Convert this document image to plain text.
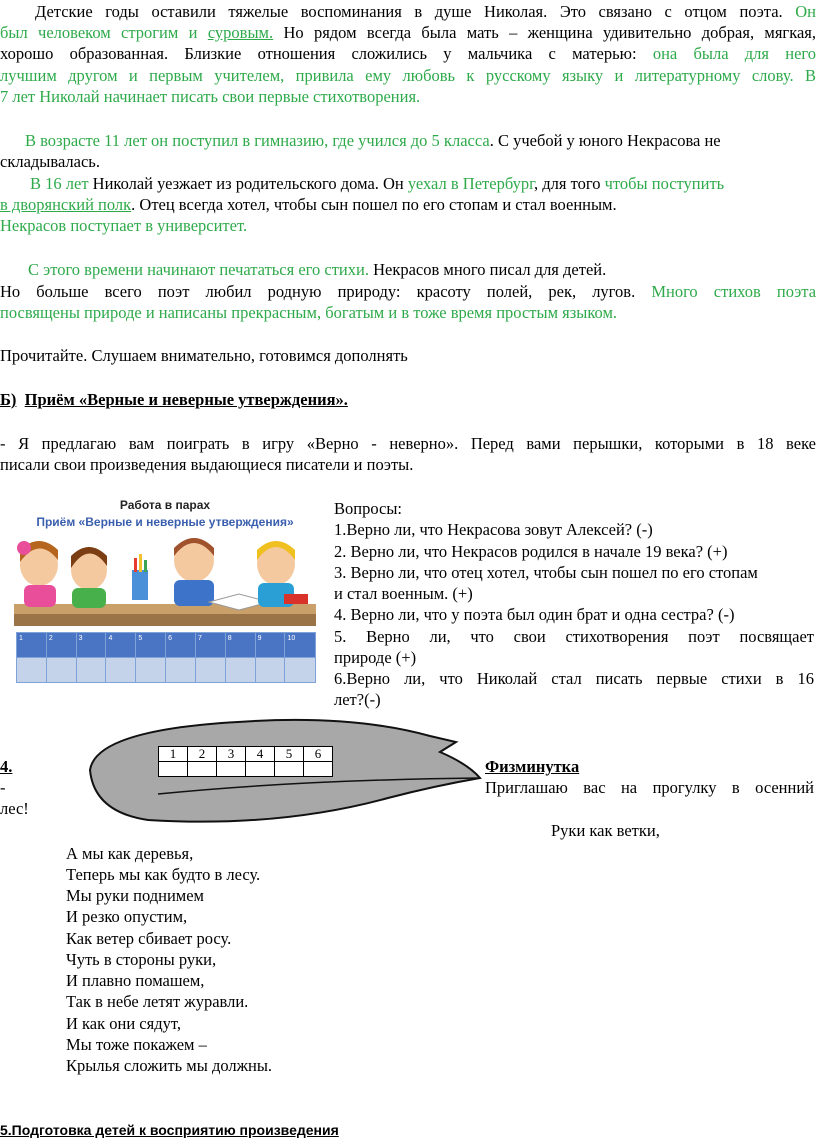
Детские годы оставили тяжелые воспоминания в душе Николая. Это связано с отцом поэта. Он
был человеком строгим и суровым. Но рядом всегда была мать – женщина удивительно добрая, мягкая,
хорошо образованная. Близкие отношения сложились у мальчика с матерью: она была для него
лучшим другом и первым учителем, привила ему любовь к русскому языку и литературному слову. В
7 лет Николай начинает писать свои первые стихотворения.
В возрасте 11 лет он поступил в гимназию, где учился до 5 класса. С учебой у юного Некрасова не
складывалась.
В 16 лет Николай уезжает из родительского дома. Он уехал в Петербург, для того чтобы поступить
в дворянский полк. Отец всегда хотел, чтобы сын пошел по его стопам и стал военным.
Некрасов поступает в университет.
С этого времени начинают печататься его стихи. Некрасов много писал для детей.
Но больше всего поэт любил родную природу: красоту полей, рек, лугов. Много стихов поэта
посвящены природе и написаны прекрасным, богатым и в тоже время простым языком.
Прочитайте. Слушаем внимательно, готовимся дополнять
Б) Приём «Верные и неверные утверждения».
- Я предлагаю вам поиграть в игру «Верно - неверно». Перед вами перышки, которыми в 18 веке
писали свои произведения выдающиеся писатели и поэты.
Работа в парах
Приём «Верные и неверные утверждения»
1	2	3	4	5	6	7	8	9	10

Вопросы:
1.Верно ли, что Некрасова зовут Алексей? (-)
2. Верно ли, что Некрасов родился в начале 19 века? (+)
3. Верно ли, что отец хотел, чтобы сын пошел по его стопам
и стал военным. (+)
4. Верно ли, что у поэта был один брат и одна сестра? (-)
5. Верно ли, что свои стихотворения поэт посвящает
природе (+)
6.Верно ли, что Николай стал писать первые стихи в 16
лет?(-)
1	2	3	4	5	6

4.
-
лес!
Физминутка
Приглашаю вас на прогулку в осенний
Руки как ветки,
А мы как деревья,
Теперь мы как будто в лесу.
Мы руки поднимем
И резко опустим,
Как ветер сбивает росу.
Чуть в стороны руки,
И плавно помашем,
Так в небе летят журавли.
И как они сядут,
Мы тоже покажем –
Крылья сложить мы должны.
5.Подготовка детей к восприятию произведения
